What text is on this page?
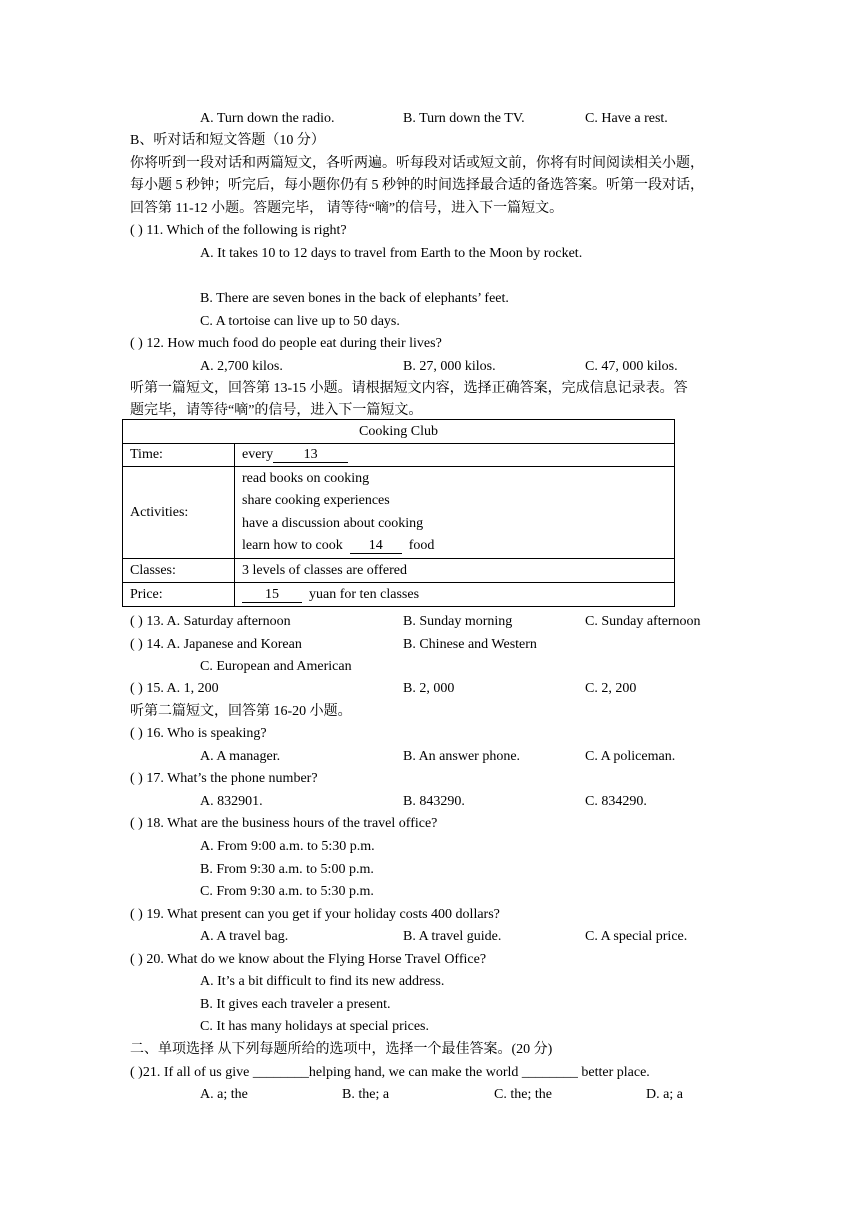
A. Turn down the radio.	B. Turn down the TV.	C. Have a rest.
B、听对话和短文答题（10 分）
你将听到一段对话和两篇短文，各听两遍。听每段对话或短文前，你将有时间阅读相关小题，
每小题 5 秒钟；听完后，每小题你仍有 5 秒钟的时间选择最合适的备选答案。听第一段对话，
回答第 11-12 小题。答题完毕， 请等待“嘀”的信号，进入下一篇短文。
( ) 11. Which of the following is right?
A. It takes 10 to 12 days to travel from Earth to the Moon by rocket.
B. There are seven bones in the back of elephants’ feet.
C. A tortoise can live up to 50 days.
( ) 12. How much food do people eat during their lives?
A. 2,700 kilos.	B. 27, 000 kilos.	C. 47, 000 kilos.
听第一篇短文，回答第 13-15 小题。请根据短文内容，选择正确答案，完成信息记录表。答
题完毕，请等待“嘀”的信号，进入下一篇短文。
Cooking Club	
Time:	every 13
Activities:	read books on cooking
share cooking experiences
have a discussion about cooking
learn how to cook 14 food

Classes:	3 levels of classes are offered
Price:	15 yuan for ten classes
( ) 13. A. Saturday afternoon	B. Sunday morning	C. Sunday afternoon
( ) 14. A. Japanese and Korean	B. Chinese and Western
C. European and American
( ) 15. A. 1, 200	B. 2, 000	C. 2, 200
听第二篇短文，回答第 16-20 小题。
( ) 16. Who is speaking?
A. A manager.	B. An answer phone.	C. A policeman.
( ) 17. What’s the phone number?
A. 832901.	B. 843290.	C. 834290.
( ) 18. What are the business hours of the travel office?
A. From 9:00 a.m. to 5:30 p.m.
B. From 9:30 a.m. to 5:00 p.m.
C. From 9:30 a.m. to 5:30 p.m.
( ) 19. What present can you get if your holiday costs 400 dollars?
A. A travel bag.	B. A travel guide.	C. A special price.
( ) 20. What do we know about the Flying Horse Travel Office?
A. It’s a bit difficult to find its new address.
B. It gives each traveler a present.
C. It has many holidays at special prices.
二、单项选择 从下列每题所给的选项中，选择一个最佳答案。(20 分)
( )21. If all of us give ________helping hand, we can make the world ________ better place.
A. a; the	B. the; a	C. the; the	D. a; a
